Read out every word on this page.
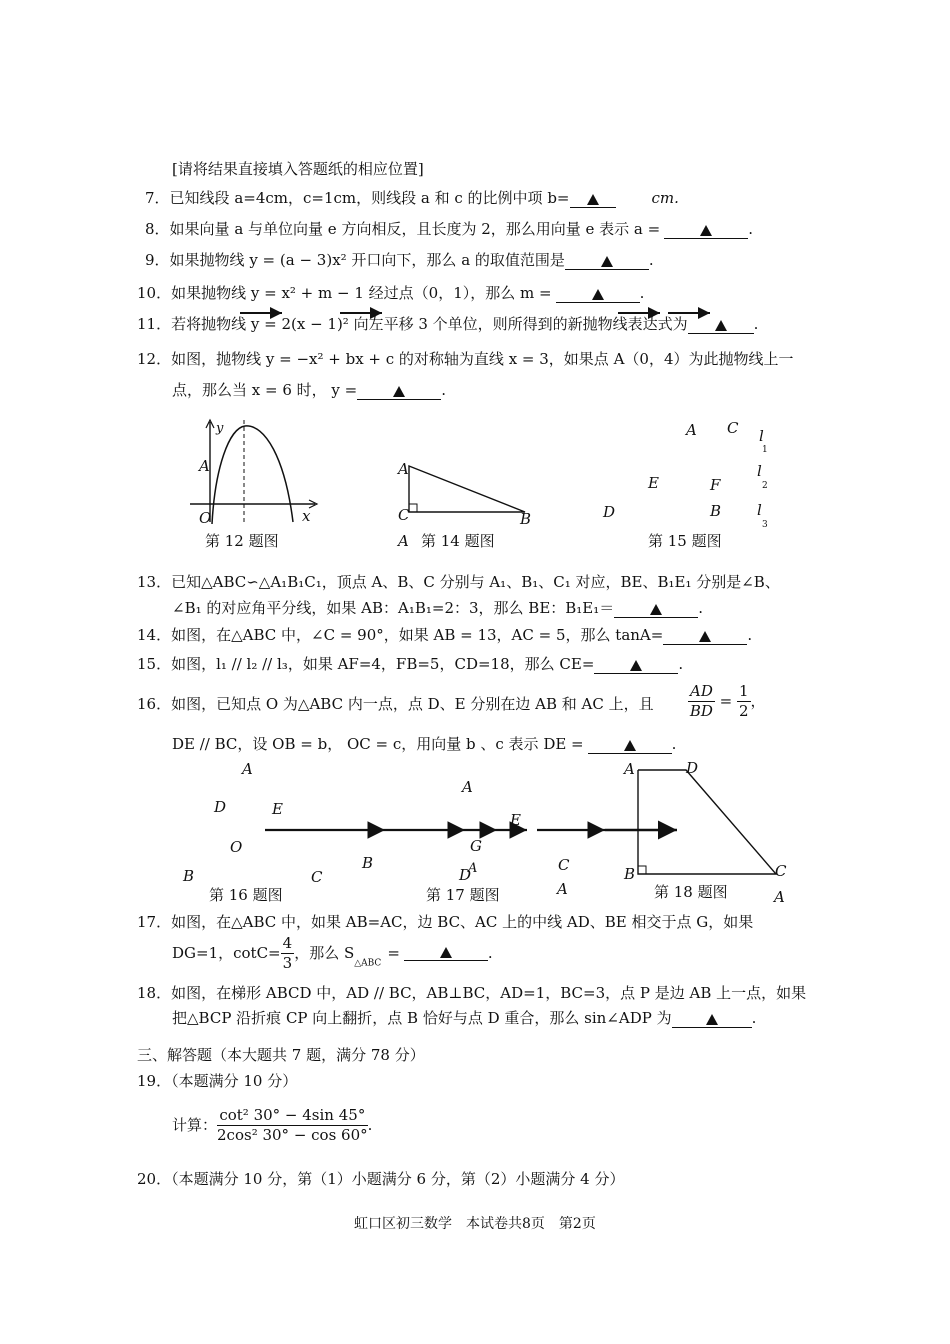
[请将结果直接填入答题纸的相应位置]
7．已知线段 a=4cm，c=1cm，则线段 a 和 c 的比例中项 b=	cm.
8．如果向量 a 与单位向量 e 方向相反，且长度为 2，那么用向量 e 表示 a =	.
9．如果抛物线 y = (a − 3)x² 开口向下，那么 a 的取值范围是	.
10．如果抛物线 y = x² + m − 1 经过点（0，1），那么 m =	.
11．若将抛物线 y = 2(x − 1)² 向左平移 3 个单位，则所得到的新抛物线表达式为	.
12．如图，抛物线 y = −x² + bx + c 的对称轴为直线 x = 3，如果点 A（0，4）为此抛物线上一
点，那么当 x = 6 时， y =	.
y
A
O	x
第 12 题图
A
C	B
A 第 14 题图
A C l
1
E	F
l
2
D	B l
3
第 15 题图
13．已知△ABC∽△A₁B₁C₁，顶点 A、B、C 分别与 A₁、B₁、C₁ 对应，BE、B₁E₁ 分别是∠B、
∠B₁ 的对应角平分线，如果 AB：A₁B₁=2：3，那么 BE：B₁E₁＝	.
14．如图，在△ABC 中，∠C = 90°，如果 AB = 13，AC = 5，那么 tanA=	.
15．如图，l₁ // l₂ // l₃，如果 AF=4，FB=5，CD=18，那么 CE=	.
16．如图，已知点 O 为△ABC 内一点，点 D、E 分别在边 AB 和 AC 上，且 $\frac{AD}{BD} = \frac{1}{2}$ ，
DE // BC，设 OB = b， OC = c，用向量 b 、c 表示 DE =	.
A
D	E
O
B	C
第 16 题图
A
E
G
B
D
A	C
A
第 17 题图
A	D
B	C
A
第 18 题图
17．如图，在△ABC 中，如果 AB=AC，边 BC、AC 上的中线 AD、BE 相交于点 G，如果
DG=1，$\cot C= \frac{4}{3}$ ，那么 $S_{\triangle ABC}=$	.
18．如图，在梯形 ABCD 中，AD // BC，AB⊥BC，AD=1，BC=3，点 P 是边 AB 上一点，如果
把△BCP 沿折痕 CP 向上翻折，点 B 恰好与点 D 重合，那么 sin∠ADP 为	.
三、解答题（本大题共 7 题，满分 78 分）
19．（本题满分 10 分）
计算： $\frac{\text{cot² 30° − 4sin 45°}}{\text{2cos² 30° − cos 60°}}$ .
20．（本题满分 10 分，第（1）小题满分 6 分，第（2）小题满分 4 分）
虹口区初三数学　本试卷共8页　第2页
